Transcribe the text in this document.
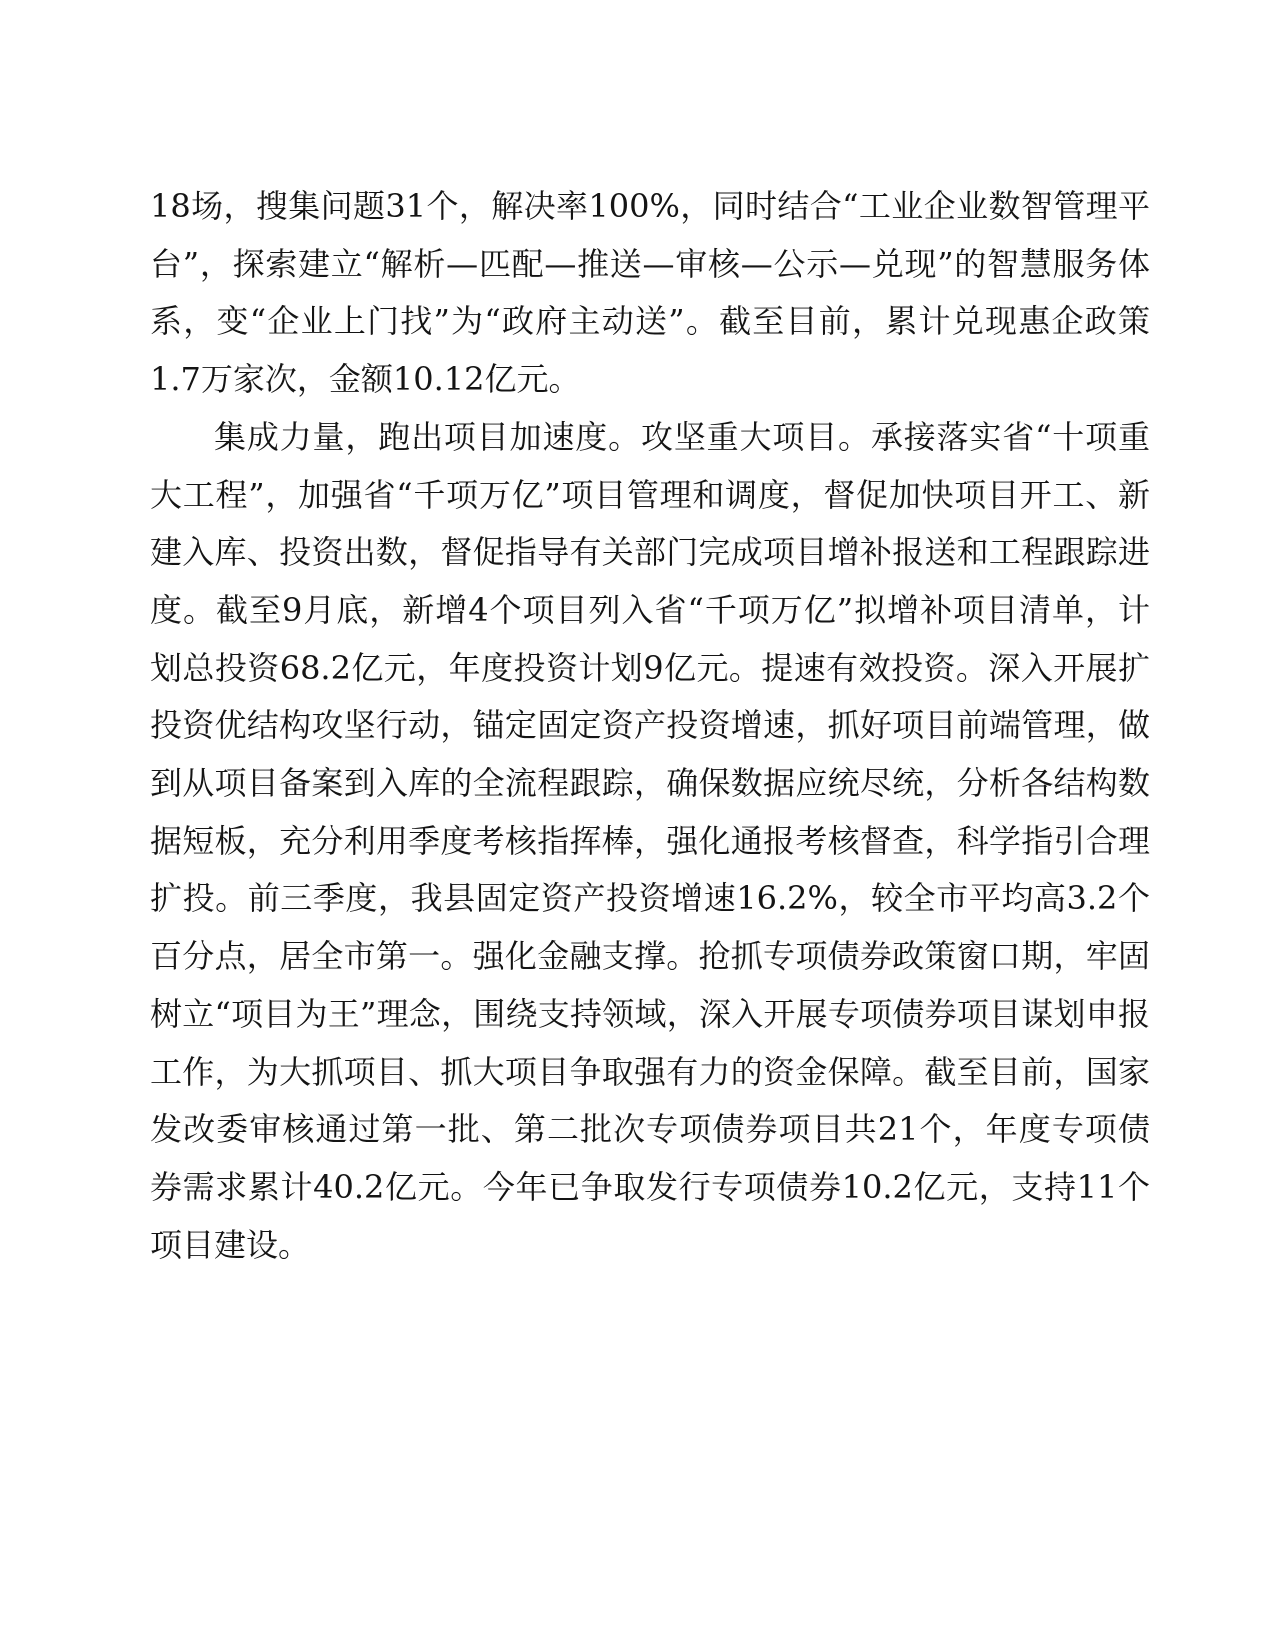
18场，搜集问题31个，解决率100%，同时结合“工业企业数智管理平台”，探索建立“解析—匹配—推送—审核—公示—兑现”的智慧服务体系，变“企业上门找”为“政府主动送”。截至目前，累计兑现惠企政策1.7万家次，金额10.12亿元。

集成力量，跑出项目加速度。攻坚重大项目。承接落实省“十项重大工程”，加强省“千项万亿”项目管理和调度，督促加快项目开工、新建入库、投资出数，督促指导有关部门完成项目增补报送和工程跟踪进度。截至9月底，新增4个项目列入省“千项万亿”拟增补项目清单，计划总投资68.2亿元，年度投资计划9亿元。提速有效投资。深入开展扩投资优结构攻坚行动，锚定固定资产投资增速，抓好项目前端管理，做到从项目备案到入库的全流程跟踪，确保数据应统尽统，分析各结构数据短板，充分利用季度考核指挥棒，强化通报考核督查，科学指引合理扩投。前三季度，我县固定资产投资增速16.2%，较全市平均高3.2个百分点，居全市第一。强化金融支撑。抢抓专项债券政策窗口期，牢固树立“项目为王”理念，围绕支持领域，深入开展专项债券项目谋划申报工作，为大抓项目、抓大项目争取强有力的资金保障。截至目前，国家发改委审核通过第一批、第二批次专项债券项目共21个，年度专项债券需求累计40.2亿元。今年已争取发行专项债券10.2亿元，支持11个项目建设。
